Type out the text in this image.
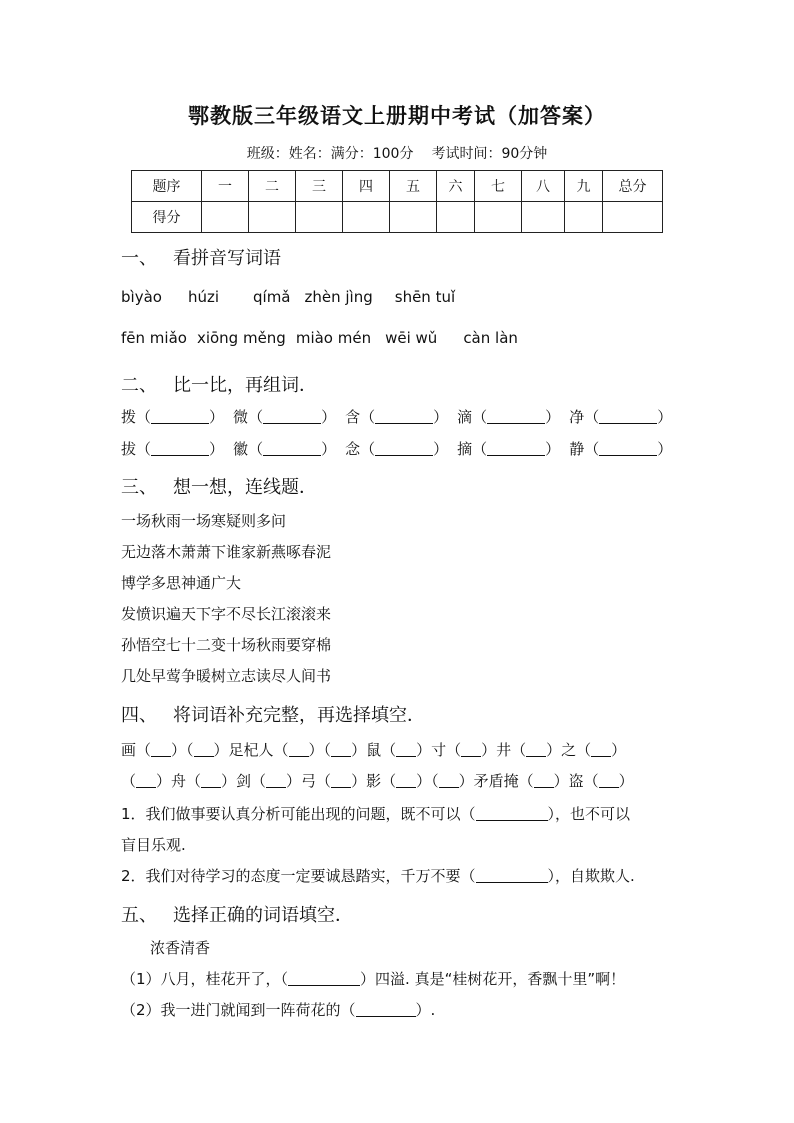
鄂教版三年级语文上册期中考试（加答案）
班级：姓名：满分：100分 考试时间：90分钟
题序	一	二	三	四	五	六	七	八	九	总分
得分										
一、 看拼音写词语
bìyào húzi qímǎ zhèn jìng shēn tuǐ
fēn miǎo xiōng měng miào mén wēi wǔ càn làn
二、 比一比，再组词．
拨（	） 微（	） 含（	） 滴（	） 净（	）
拔（	） 徽（	） 念（	） 摘（	） 静（	）
三、 想一想，连线题．
一场秋雨一场寒疑则多问
无边落木萧萧下谁家新燕啄春泥
博学多思神通广大
发愤识遍天下字不尽长江滚滚来
孙悟空七十二变十场秋雨要穿棉
几处早莺争暖树立志读尽人间书
四、 将词语补充完整，再选择填空．
画（ ）（ ）足杞人（ ）（ ）鼠（ ）寸（ ）井（ ）之（ ）
（ ）舟（ ）剑（ ）弓（ ）影（ ）（ ）矛盾掩（ ）盗（ ）
1．我们做事要认真分析可能出现的问题，既不可以（	），也不可以
盲目乐观.
2．我们对待学习的态度一定要诚恳踏实，千万不要（	），自欺欺人.
五、 选择正确的词语填空．
浓香清香
（1）八月，桂花开了，（	）四溢. 真是“桂树花开，香飘十里”啊！
（2）我一进门就闻到一阵荷花的（	）.
